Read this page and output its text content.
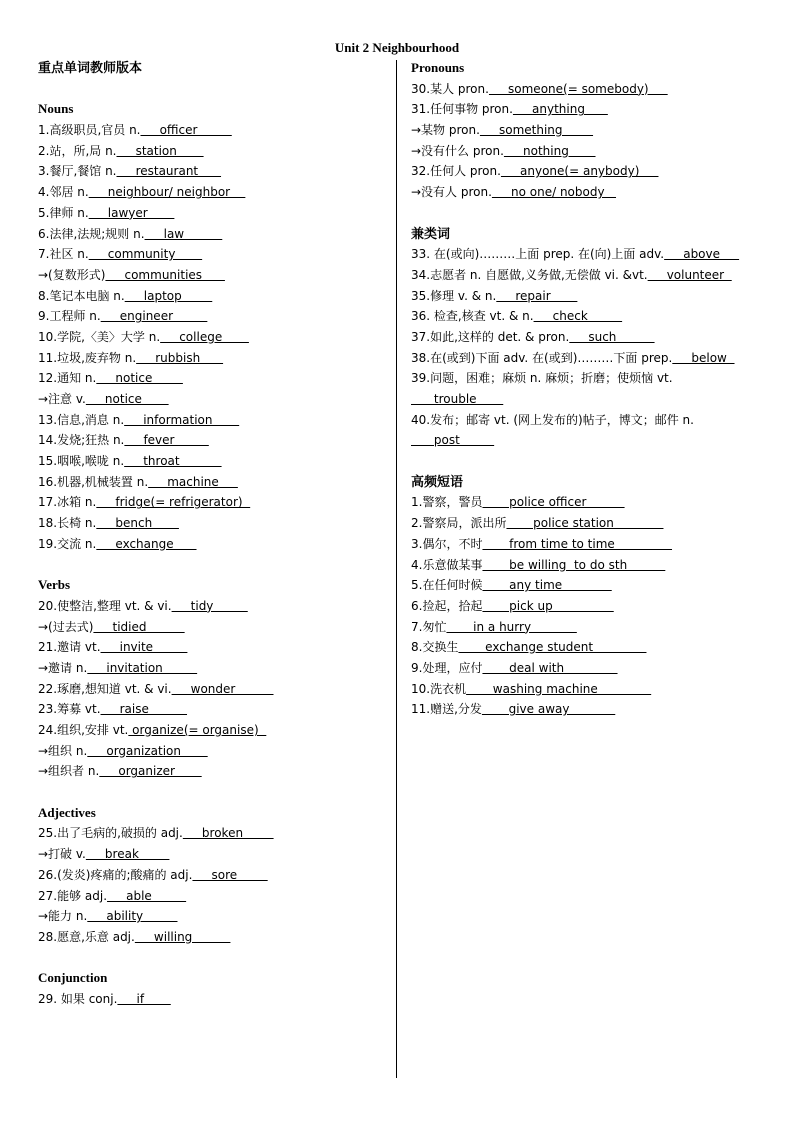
Unit 2 Neighbourhood
重点单词教师版本
Nouns
1.高级职员,官员 n.     officer
2.站，所,局 n.     station
3.餐厅,餐馆 n.     restaurant
4.邻居 n.     neighbour/ neighbor
5.律师 n.     lawyer
6.法律,法规;规则 n.     law
7.社区 n.     community
→(复数形式)     communities
8.笔记本电脑 n.     laptop
9.工程师 n.     engineer
10.学院,〈美〉大学 n.     college
11.垃圾,废弃物 n.     rubbish
12.通知 n.     notice
→注意 v.     notice
13.信息,消息 n.     information
14.发烧;狂热 n.     fever
15.咽喉,喉咙 n.     throat
16.机器,机械装置 n.     machine
17.冰箱 n.     fridge(= refrigerator)
18.长椅 n.     bench
19.交流 n.     exchange
Verbs
20.使整洁,整理 vt. & vi.     tidy
→(过去式)     tidied
21.邀请 vt.     invite
→邀请 n.     invitation
22.琢磨,想知道 vt. & vi.     wonder
23.筹募 vt.     raise
24.组织,安排 vt. organize(= organise)
→组织 n.     organization
→组织者 n.     organizer
Adjectives
25.出了毛病的,破损的 adj.     broken
→打破 v.     break
26.(发炎)疼痛的;酸痛的 adj.     sore
27.能够 adj.     able
→能力 n.     ability
28.愿意,乐意 adj.     willing
Conjunction
29. 如果 conj.     if
Pronouns
30.某人 pron.     someone(= somebody)
31.任何事物 pron.     anything
→某物 pron.     something
→没有什么 pron.     nothing
32.任何人 pron.     anyone(= anybody)
→没有人 pron.     no one/ nobody
兼类词
33. 在(或向)………上面 prep. 在(向)上面 adv.     above
34.志愿者 n. 自愿做,义务做,无偿做 vi. &vt.     volunteer
35.修理 v. & n.     repair
36. 检查,核查 vt. & n.     check
37.如此,这样的 det. & pron.     such
38.在(或到)下面 adv. 在(或到)………下面 prep.     below
39.问题，困难；麻烦 n. 麻烦；折磨；使烦恼 vt.
trouble
40.发布；邮寄 vt. (网上发布的)帖子，博文；邮件 n.
post
高频短语
1.警察，警员       police officer
2.警察局，派出所       police station
3.偶尔，不时       from time to time
4.乐意做某事       be willing  to do sth
5.在任何时候       any time
6.捡起，拾起       pick up
7.匆忙       in a hurry
8.交换生       exchange student
9.处理，应付       deal with
10.洗衣机       washing machine
11.赠送,分发       give away
